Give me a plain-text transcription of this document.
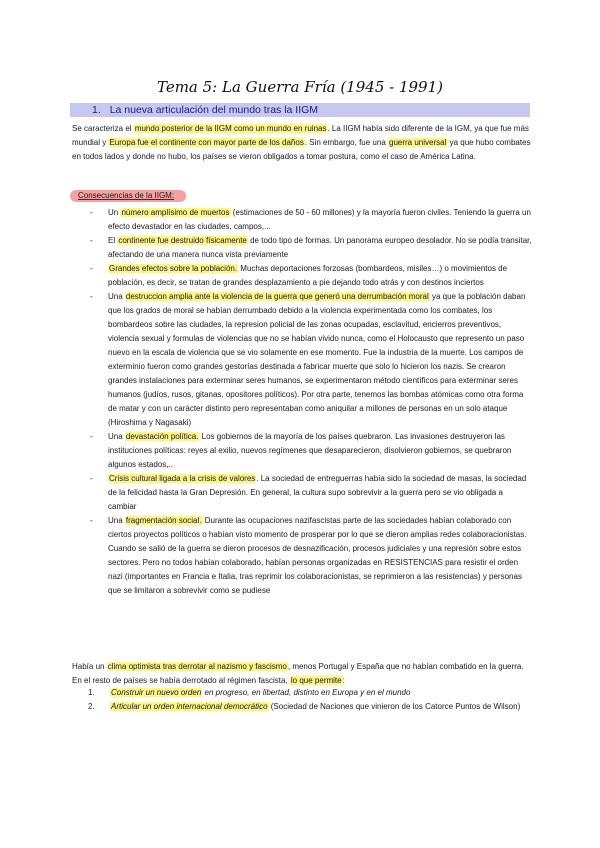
Tema 5: La Guerra Fría (1945 - 1991)
1. La nueva articulación del mundo tras la IIGM
Se caracteriza el mundo posterior de la IIGM como un mundo en ruinas. La IIGM había sido diferente de la IGM, ya que fue más mundial y Europa fue el continente con mayor parte de los daños. Sin embargo, fue una guerra universal ya que hubo combates en todos lados y donde no hubo, los países se vieron obligados a tomar postura, como el caso de América Latina.
Consecuencias de la IIGM:
- Un número amplísimo de muertos (estimaciones de 50 - 60 millones) y la mayoría fueron civiles. Teniendo la guerra un efecto devastador en las ciudades, campos,...
- El continente fue destruido físicamente de todo tipo de formas. Un panorama europeo desolador. No se podía transitar, afectando de una manera nunca vista previamente
- Grandes efectos sobre la población. Muchas deportaciones forzosas (bombardeos, misiles…) o movimientos de población, es decir, se tratan de grandes desplazamiento a pie dejando todo atrás y con destinos inciertos
- Una destruccion amplia ante la violencia de la guerra que generó una derrumbación moral ya que la población daban que los grados de moral se habían derrumbado debido a la violencia experimentada como los combates, los bombardeos sobre las ciudades, la represion policial de las zonas ocupadas, esclavitud, encierros preventivos, violencia sexual y formulas de violencias que no se habían vivido nunca, como el Holocausto que represento un paso nuevo en la escala de violencia que se vio solamente en ese momento. Fue la industria de la muerte. Los campos de exterminio fueron como grandes gestorías destinada a fabricar muerte que solo lo hicieron los nazis. Se crearon grandes instalaciones para exterminar seres humanos, se experimentaron método científicos para exterminar seres humanos (judíos, rusos, gitanas, opositores políticos). Por otra parte, tenemos las bombas atómicas como otra forma de matar y con un carácter distinto pero representaban como aniquilar a millones de personas en un solo ataque (Hiroshima y Nagasaki)
- Una devastación política. Los gobiernos de la mayoría de los países quebraron. Las invasiones destruyeron las instituciones políticas: reyes al exilio, nuevos regímenes que desaparecieron, disolvieron gobiernos, se quebraron algunos estados,..
- Crisis cultural ligada a la crisis de valores. La sociedad de entreguerras había sido la sociedad de masas, la sociedad de la felicidad hasta la Gran Depresión. En general, la cultura supo sobrevivir a la guerra pero se vio obligada a cambiar
- Una fragmentación social. Durante las ocupaciones nazifascistas parte de las sociedades habían colaborado con ciertos proyectos políticos o habían visto momento de prosperar por lo que se dieron amplias redes colaboracionistas. Cuando se salió de la guerra se dieron procesos de desnazificación, procesos judiciales y una represión sobre estos sectores. Pero no todos habían colaborado, habían personas organizadas en RESISTENCIAS para resistir el orden nazi (importantes en Francia e Italia, tras reprimir los colaboracionistas, se reprimieron a las resistencias) y personas que se limitaron a sobrevivir como se pudiese
Había un clima optimista tras derrotar al nazismo y fascismo, menos Portugal y España que no habían combatido en la guerra. En el resto de países se había derrotado al régimen fascista, lo que permite:
1. Construir un nuevo orden en progreso, en libertad, distinto en Europa y en el mundo
2. Articular un orden internacional democrático (Sociedad de Naciones que vinieron de los Catorce Puntos de Wilson)
